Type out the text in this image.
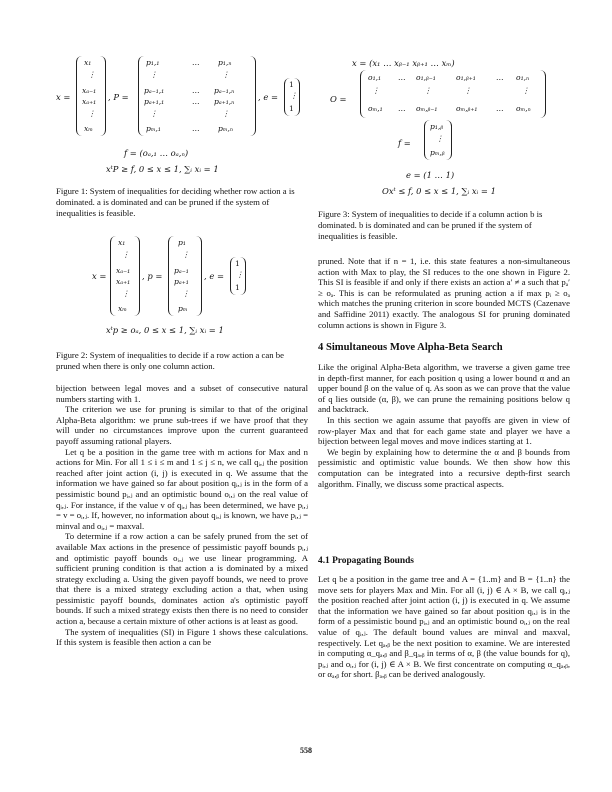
x =
x₁
⋮
xₐ₋₁
xₐ₊₁
⋮
xₘ
, P =
p₁,₁	… p₁,ₙ
⋮	⋮
pₐ₋₁,₁	… pₐ₋₁,ₙ
pₐ₊₁,₁	… pₐ₊₁,ₙ
⋮	⋮
pₘ,₁	… pₘ,ₙ
, e =
1
⋮
1
f = (oₐ,₁ … oₐ,ₙ)
xᵗP ≥ f, 0 ≤ x ≤ 1, ∑ᵢ xᵢ = 1
Figure 1: System of inequalities for deciding whether row action a is dominated. a is dominated and can be pruned if the system of inequalities is feasible.
x =
x₁
⋮
xₐ₋₁
xₐ₊₁
⋮
xₘ
, p =
p₁
⋮
pₐ₋₁
pₐ₊₁
⋮
pₘ
, e =
1
⋮
1
xᵗp ≥ oₐ, 0 ≤ x ≤ 1, ∑ᵢ xᵢ = 1
Figure 2: System of inequalities to decide if a row action a can be pruned when there is only one column action.

bijection between legal moves and a subset of consecutive natural numbers starting with 1.

The criterion we use for pruning is similar to that of the original Alpha-Beta algorithm: we prune sub-trees if we have proof that they will under no circumstances improve upon the current guaranteed payoff assuming rational players.

Let q be a position in the game tree with m actions for Max and n actions for Min. For all 1 ≤ i ≤ m and 1 ≤ j ≤ n, we call qᵢ,ⱼ the position reached after joint action (i, j) is executed in q. We assume that the information we have gained so far about position qᵢ,ⱼ is in the form of a pessimistic bound pᵢ,ⱼ and an optimistic bound oᵢ,ⱼ on the real value of qᵢ,ⱼ. For instance, if the value v of qᵢ,ⱼ has been determined, we have pᵢ,ⱼ = v = oᵢ,ⱼ. If, however, no information about qᵢ,ⱼ is known, we have pᵢ,ⱼ = minval and oᵢ,ⱼ = maxval.

To determine if a row action a can be safely pruned from the set of available Max actions in the presence of pessimistic payoff bounds pᵢ,ⱼ and optimistic payoff bounds oᵢ,ⱼ we use linear programming. A sufficient pruning condition is that action a is dominated by a mixed strategy excluding a. Using the given payoff bounds, we need to prove that there is a mixed strategy excluding action a that, when using pessimistic payoff bounds, dominates action a's optimistic payoff bounds. If such a mixed strategy exists then there is no need to consider action a, because a certain mixture of other actions is at least as good.

The system of inequalities (SI) in Figure 1 shows these calculations. If this system is feasible then action a can be

x = (x₁ … xᵦ₋₁ xᵦ₊₁ … xₘ)
O =
o₁,₁ … o₁,ᵦ₋₁	o₁,ᵦ₊₁	… o₁,ₙ
⋮	⋮	⋮	⋮
oₘ,₁ … oₘ,ᵦ₋₁ oₘ,ᵦ₊₁ … oₘ,ₙ
f =
p₁,ᵦ
⋮
pₘ,ᵦ
e = (1 … 1)
Oxᵗ ≤ f, 0 ≤ x ≤ 1, ∑ᵢ xᵢ = 1
Figure 3: System of inequalities to decide if a column action b is dominated. b is dominated and can be pruned if the system of inequalities is feasible.

pruned. Note that if n = 1, i.e. this state features a non-simultaneous action with Max to play, the SI reduces to the one shown in Figure 2. This SI is feasible if and only if there exists an action a′ ≠ a such that pₐ′ ≥ oₐ. This is can be reformulated as pruning action a if max pᵢ ≥ oₐ which matches the pruning criterion in score bounded MCTS (Cazenave and Saffidine 2011) exactly. The analogous SI for pruning dominated column actions is shown in Figure 3.

4 Simultaneous Move Alpha-Beta Search

Like the original Alpha-Beta algorithm, we traverse a given game tree in depth-first manner, for each position q using a lower bound α and an upper bound β on the value of q. As soon as we can prove that the value of q lies outside (α, β), we can prune the remaining positions below q and backtrack.

In this section we again assume that payoffs are given in view of row-player Max and that for each game state and player we have a bijection between legal moves and move indices starting at 1.

We begin by explaining how to determine the α and β bounds from pessimistic and optimistic value bounds. We then show how this computation can be integrated into a recursive depth-first search algorithm. Finally, we discuss some practical aspects.

4.1 Propagating Bounds

Let q be a position in the game tree and A = {1..m} and B = {1..n} the move sets for players Max and Min. For all (i, j) ∈ A × B, we call qᵢ,ⱼ the position reached after joint action (i, j) is executed in q. We assume that the information we have gained so far about position qᵢ,ⱼ is in the form of a pessimistic bound pᵢ,ⱼ and an optimistic bound oᵢ,ⱼ on the real value of qᵢ,ⱼ. The default bound values are minval and maxval, respectively. Let qₐ,ᵦ be the next position to examine. We are interested in computing α_qₐ,ᵦ and β_qₐ,ᵦ in terms of α, β (the value bounds for q), pᵢ,ⱼ and oᵢ,ⱼ for (i, j) ∈ A × B. We first concentrate on computing α_qₐ,ᵦ, or αₐ,ᵦ for short. βₐ,ᵦ can be derived analogously.

558
